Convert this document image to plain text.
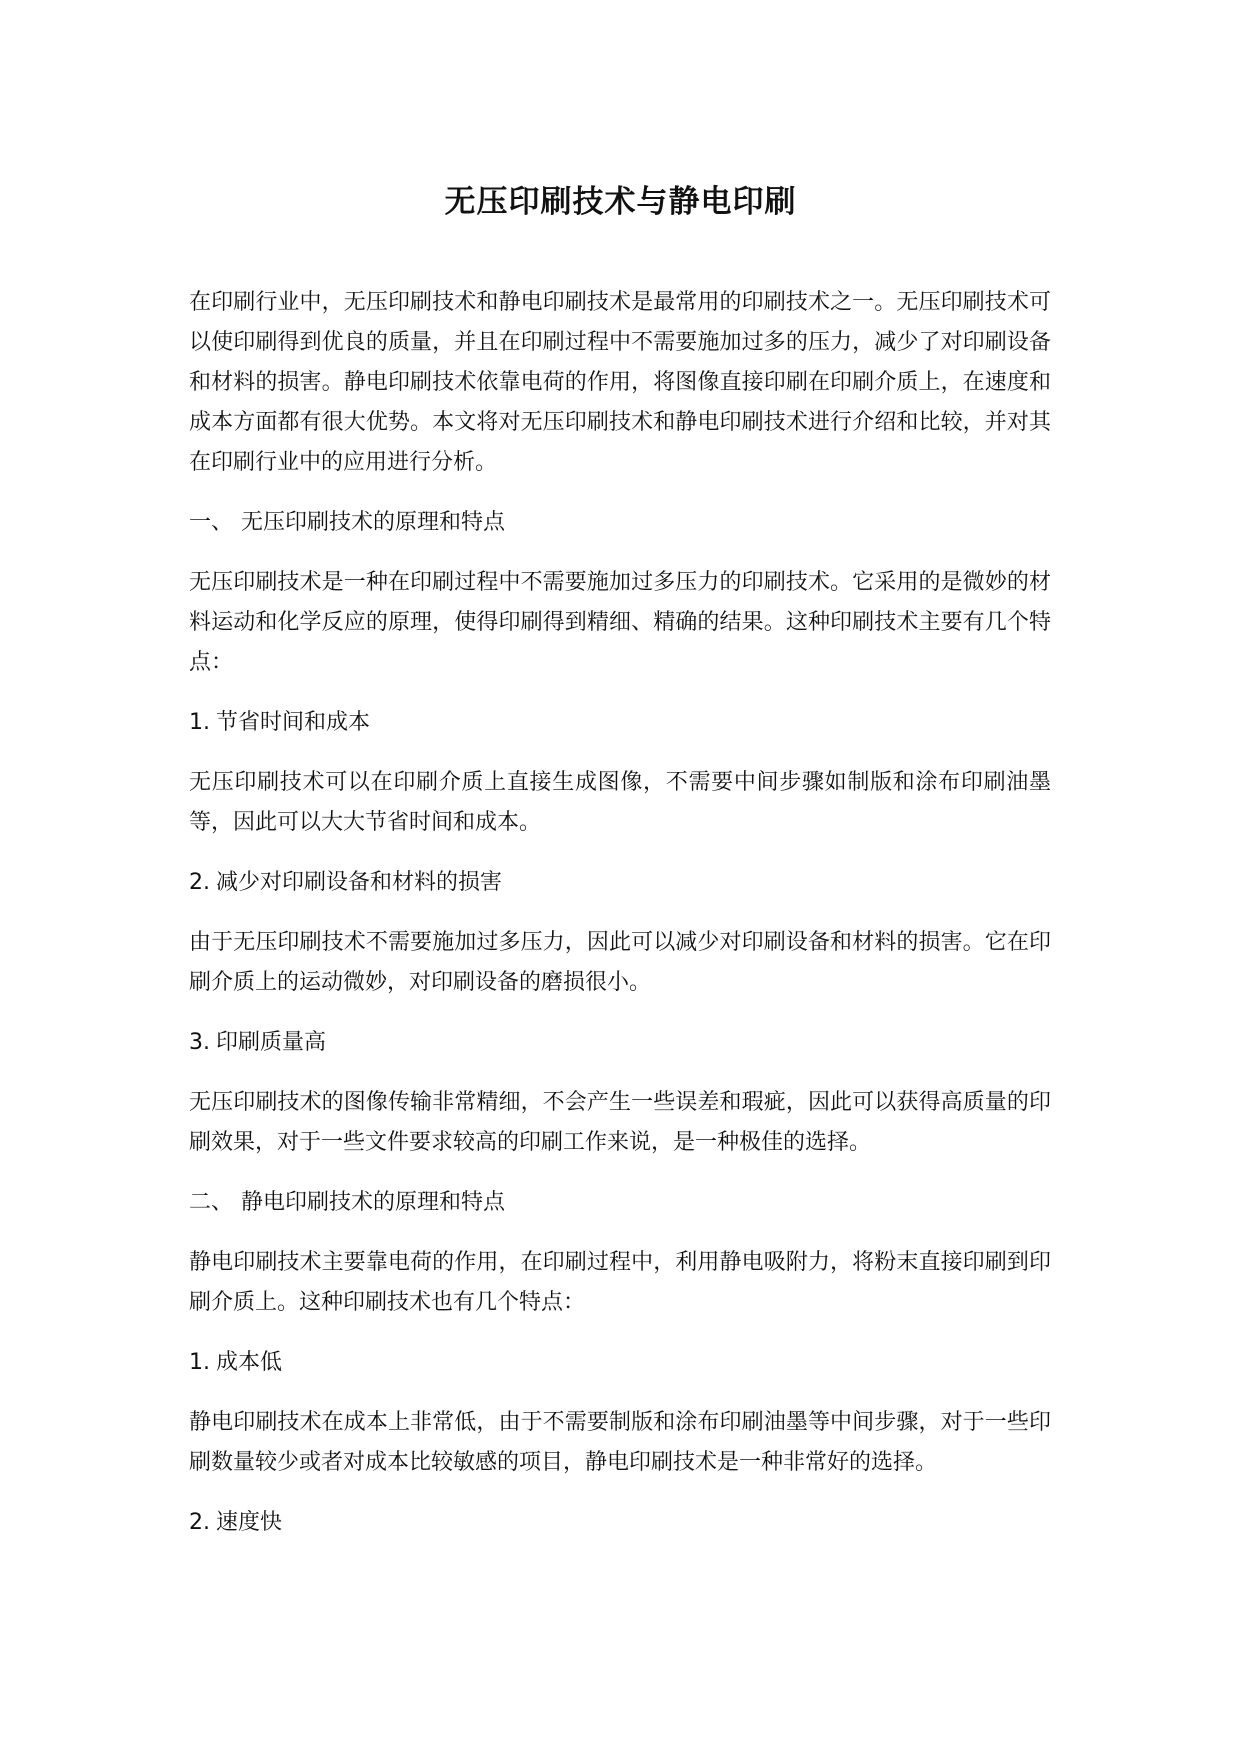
无压印刷技术与静电印刷

在印刷行业中，无压印刷技术和静电印刷技术是最常用的印刷技术之一。无压印刷技术可以使印刷得到优良的质量，并且在印刷过程中不需要施加过多的压力，减少了对印刷设备和材料的损害。静电印刷技术依靠电荷的作用，将图像直接印刷在印刷介质上，在速度和成本方面都有很大优势。本文将对无压印刷技术和静电印刷技术进行介绍和比较，并对其在印刷行业中的应用进行分析。

一、 无压印刷技术的原理和特点

无压印刷技术是一种在印刷过程中不需要施加过多压力的印刷技术。它采用的是微妙的材料运动和化学反应的原理，使得印刷得到精细、精确的结果。这种印刷技术主要有几个特点：

1. 节省时间和成本

无压印刷技术可以在印刷介质上直接生成图像，不需要中间步骤如制版和涂布印刷油墨等，因此可以大大节省时间和成本。

2. 减少对印刷设备和材料的损害

由于无压印刷技术不需要施加过多压力，因此可以减少对印刷设备和材料的损害。它在印刷介质上的运动微妙，对印刷设备的磨损很小。

3. 印刷质量高

无压印刷技术的图像传输非常精细，不会产生一些误差和瑕疵，因此可以获得高质量的印刷效果，对于一些文件要求较高的印刷工作来说，是一种极佳的选择。

二、 静电印刷技术的原理和特点

静电印刷技术主要靠电荷的作用，在印刷过程中，利用静电吸附力，将粉末直接印刷到印刷介质上。这种印刷技术也有几个特点：

1. 成本低

静电印刷技术在成本上非常低，由于不需要制版和涂布印刷油墨等中间步骤，对于一些印刷数量较少或者对成本比较敏感的项目，静电印刷技术是一种非常好的选择。

2. 速度快
